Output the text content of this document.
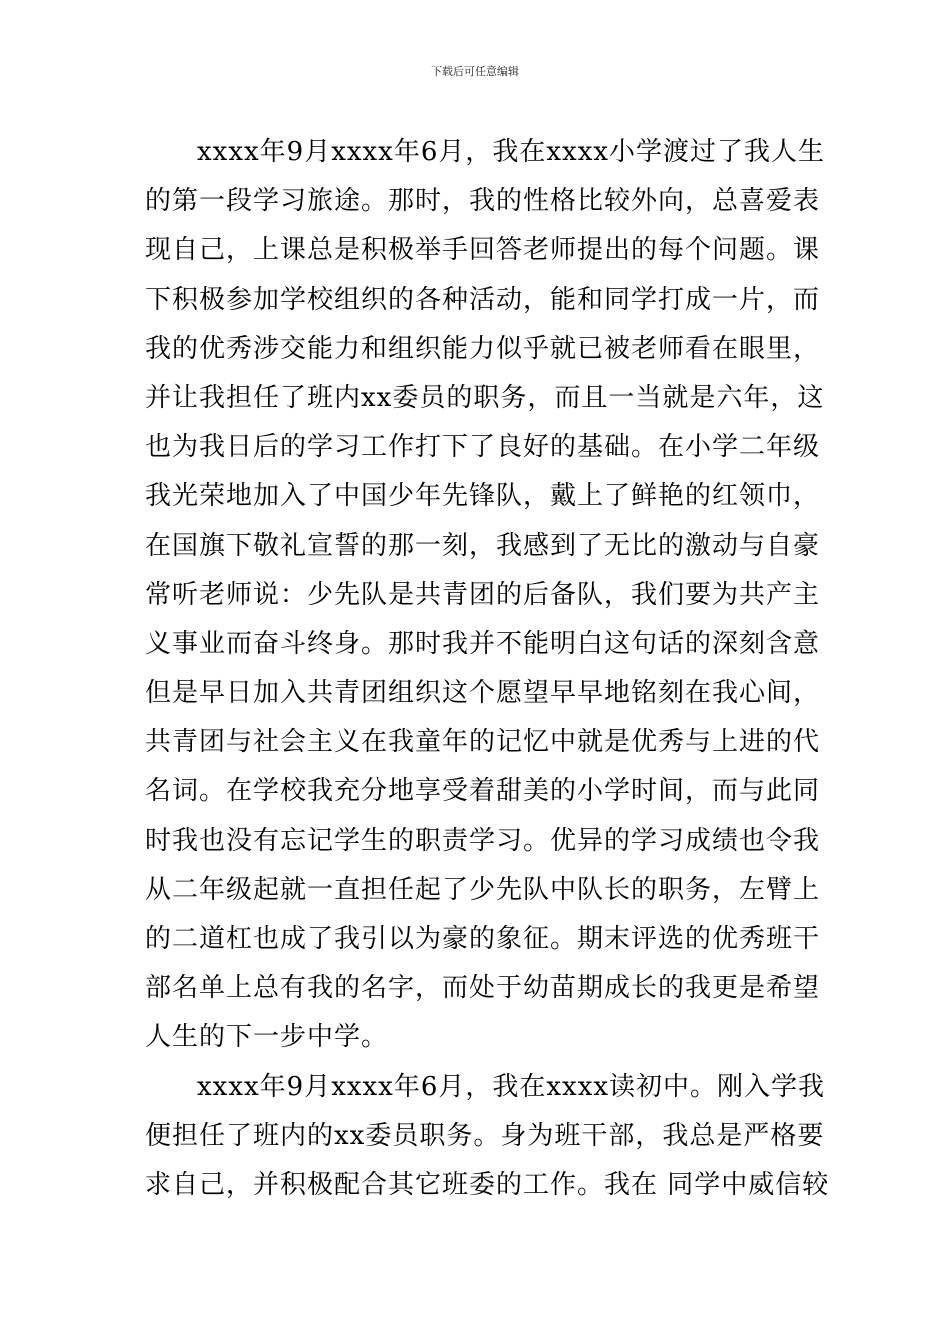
下载后可任意编辑
xxxx年9月xxxx年6月，我在xxxx小学渡过了我人生
的第一段学习旅途。那时，我的性格比较外向，总喜爱表
现自己，上课总是积极举手回答老师提出的每个问题。课
下积极参加学校组织的各种活动，能和同学打成一片，而
我的优秀涉交能力和组织能力似乎就已被老师看在眼里，
并让我担任了班内xx委员的职务，而且一当就是六年，这
也为我日后的学习工作打下了良好的基础。在小学二年级
我光荣地加入了中国少年先锋队，戴上了鲜艳的红领巾，
在国旗下敬礼宣誓的那一刻，我感到了无比的激动与自豪
常听老师说：少先队是共青团的后备队，我们要为共产主
义事业而奋斗终身。那时我并不能明白这句话的深刻含意
但是早日加入共青团组织这个愿望早早地铭刻在我心间，
共青团与社会主义在我童年的记忆中就是优秀与上进的代
名词。在学校我充分地享受着甜美的小学时间，而与此同
时我也没有忘记学生的职责学习。优异的学习成绩也令我
从二年级起就一直担任起了少先队中队长的职务，左臂上
的二道杠也成了我引以为豪的象征。期末评选的优秀班干
部名单上总有我的名字，而处于幼苗期成长的我更是希望
人生的下一步中学。
xxxx年9月xxxx年6月，我在xxxx读初中。刚入学我
便担任了班内的xx委员职务。身为班干部，我总是严格要
求自己，并积极配合其它班委的工作。我在 同学中威信较
